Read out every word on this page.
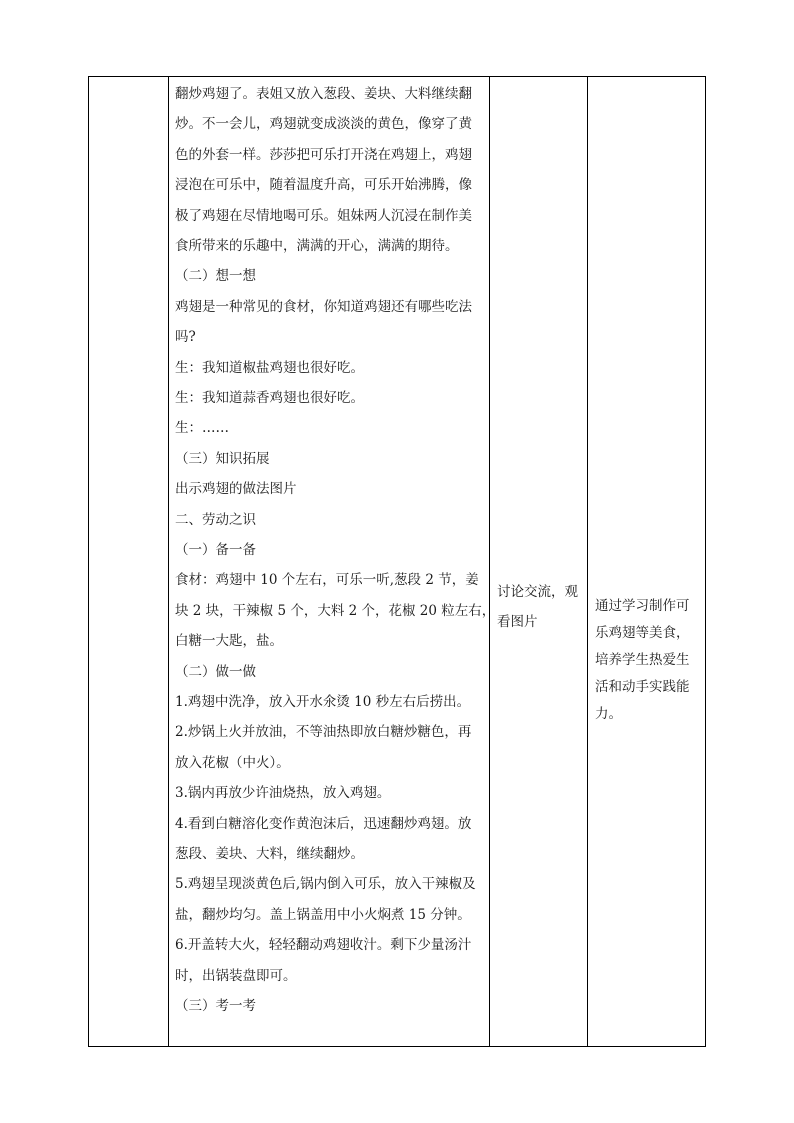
翻炒鸡翅了。表姐又放入葱段、姜块、大料继续翻
炒。不一会儿，鸡翅就变成淡淡的黄色，像穿了黄
色的外套一样。莎莎把可乐打开浇在鸡翅上，鸡翅
浸泡在可乐中，随着温度升高，可乐开始沸腾，像
极了鸡翅在尽情地喝可乐。姐妹两人沉浸在制作美
食所带来的乐趣中，满满的开心，满满的期待。
（二）想一想
鸡翅是一种常见的食材，你知道鸡翅还有哪些吃法
吗?
生：我知道椒盐鸡翅也很好吃。
生：我知道蒜香鸡翅也很好吃。
生：……
（三）知识拓展
出示鸡翅的做法图片
二、劳动之识
（一）备一备
食材：鸡翅中 10 个左右，可乐一听,葱段 2 节，姜
块 2 块，干辣椒 5 个，大料 2 个，花椒 20 粒左右，
白糖一大匙，盐。
（二）做一做
1.鸡翅中洗净，放入开水氽烫 10 秒左右后捞出。
2.炒锅上火并放油，不等油热即放白糖炒糖色，再
放入花椒（中火）。
3.锅内再放少许油烧热，放入鸡翅。
4.看到白糖溶化变作黄泡沫后，迅速翻炒鸡翅。放
葱段、姜块、大料，继续翻炒。
5.鸡翅呈现淡黄色后,锅内倒入可乐，放入干辣椒及
盐，翻炒均匀。盖上锅盖用中小火焖煮 15 分钟。
6.开盖转大火，轻轻翻动鸡翅收汁。剩下少量汤汁
时，出锅装盘即可。
（三）考一考
讨论交流，观
看图片
通过学习制作可
乐鸡翅等美食，
培养学生热爱生
活和动手实践能
力。
